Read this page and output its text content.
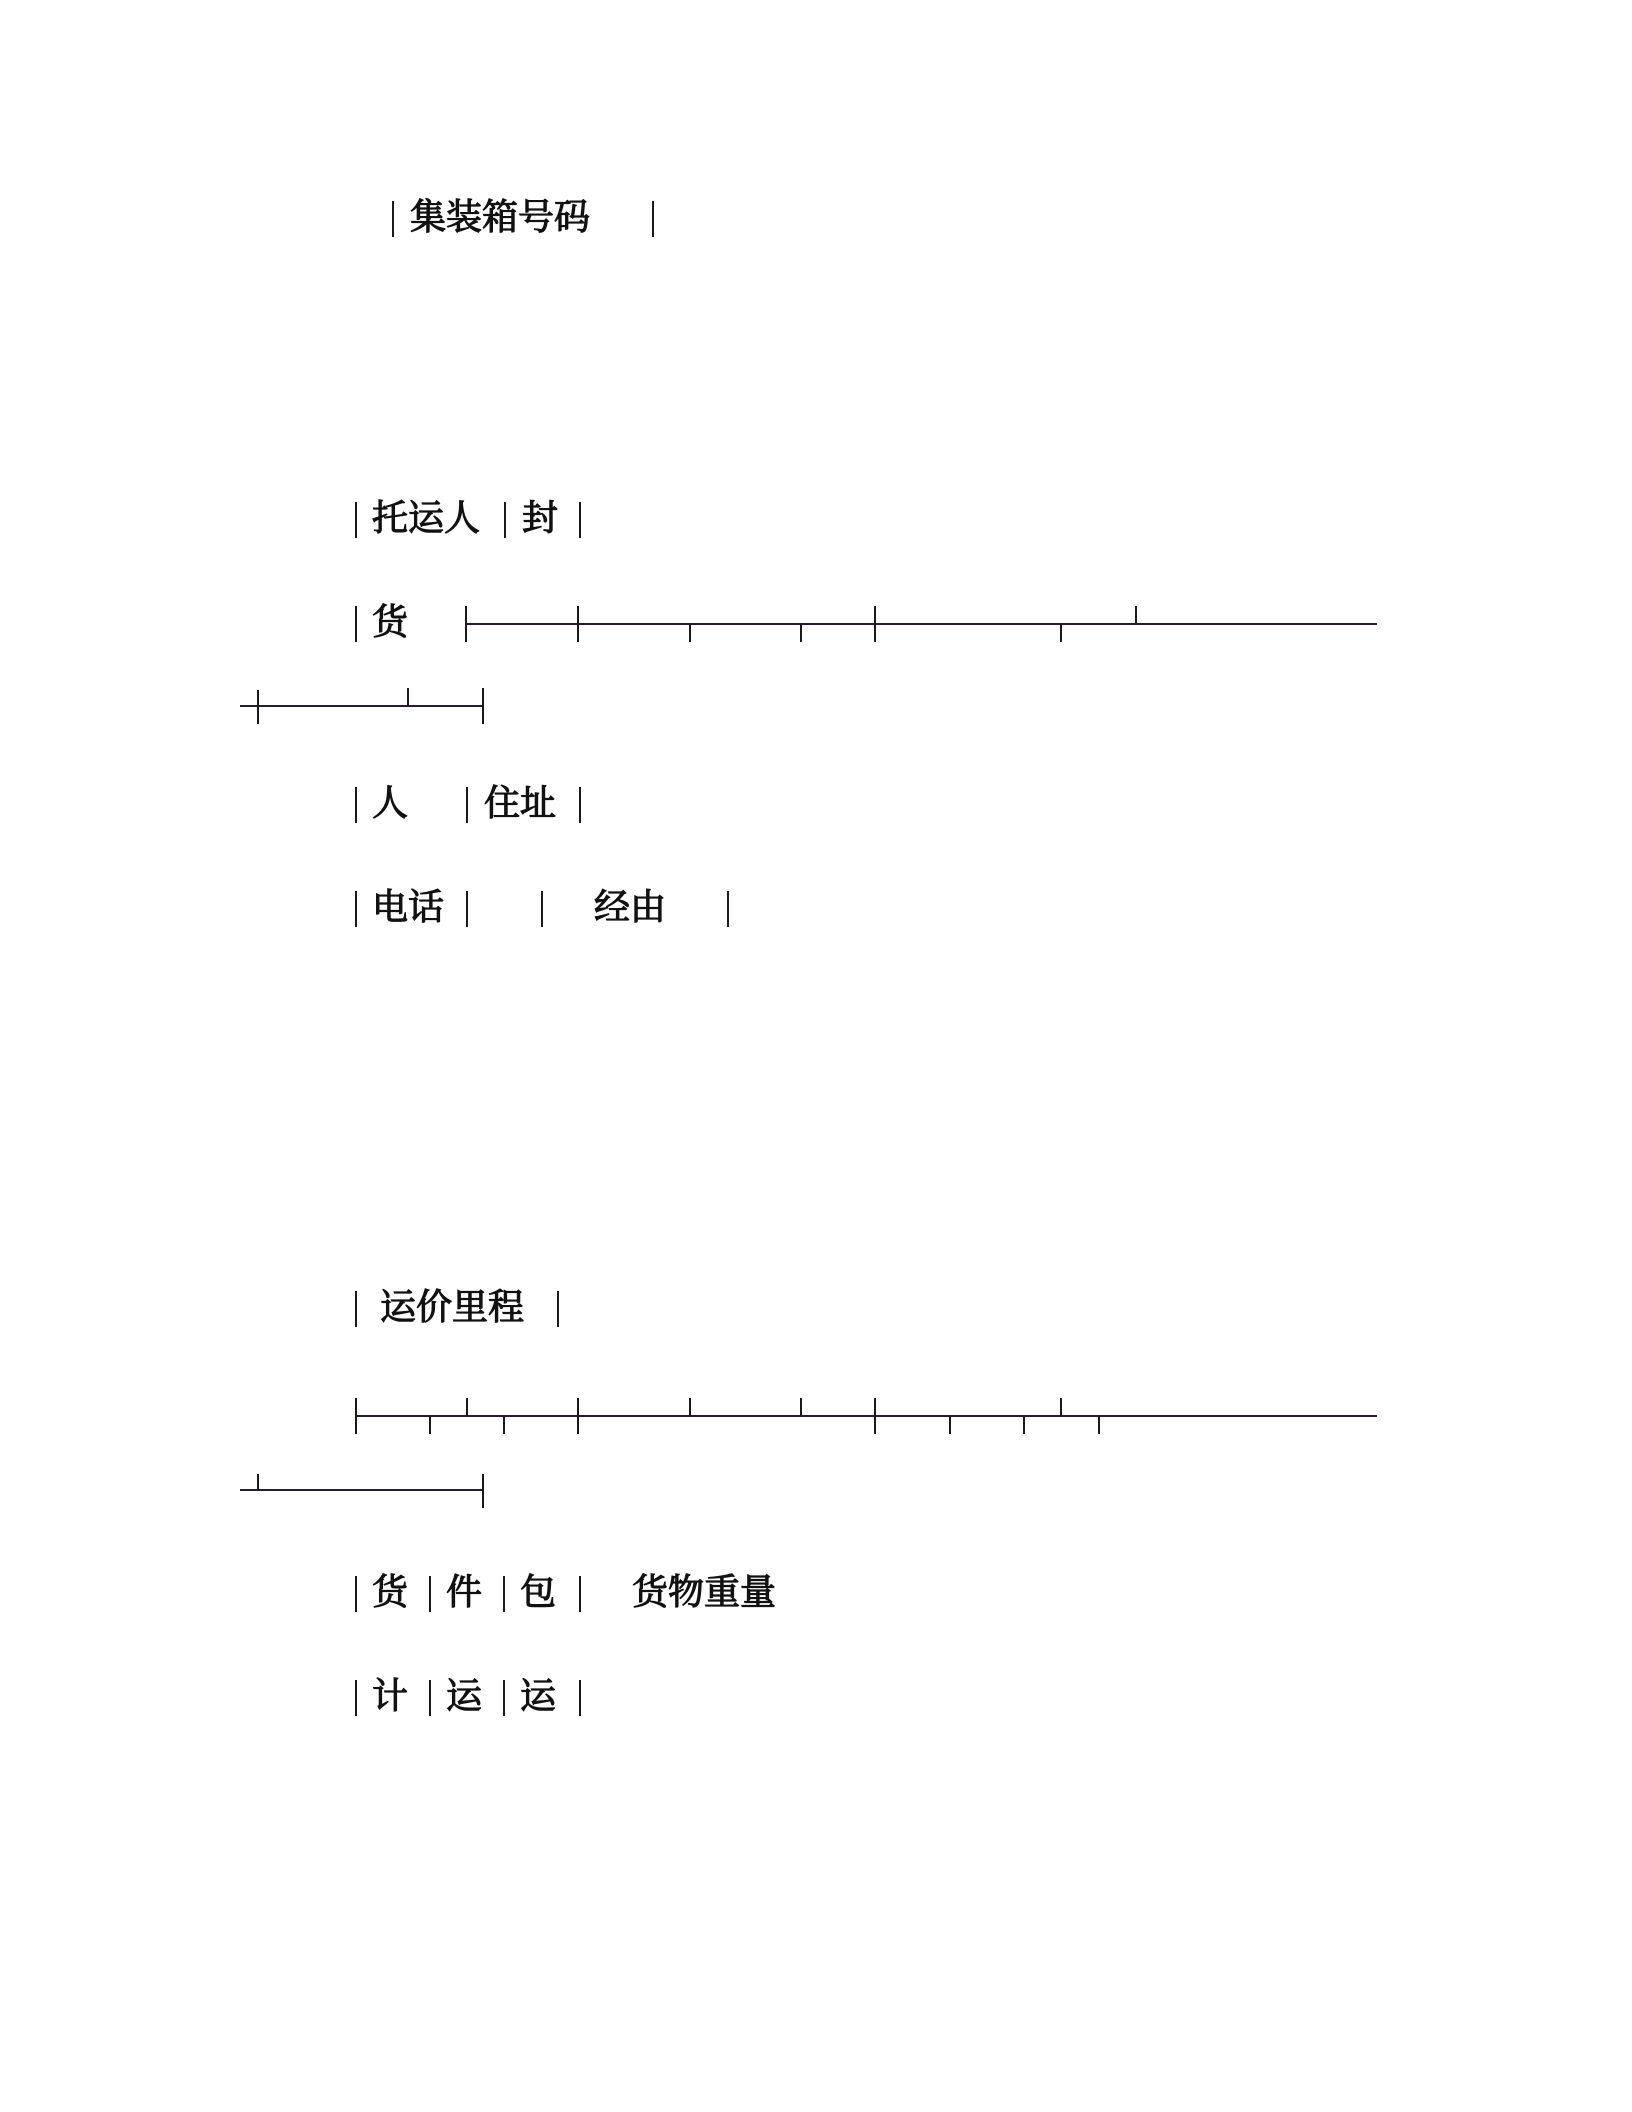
集装箱号码
托运人 封
货
人 住址
电话	经由
运价里程
货 件 包 货物重量
计 运 运
